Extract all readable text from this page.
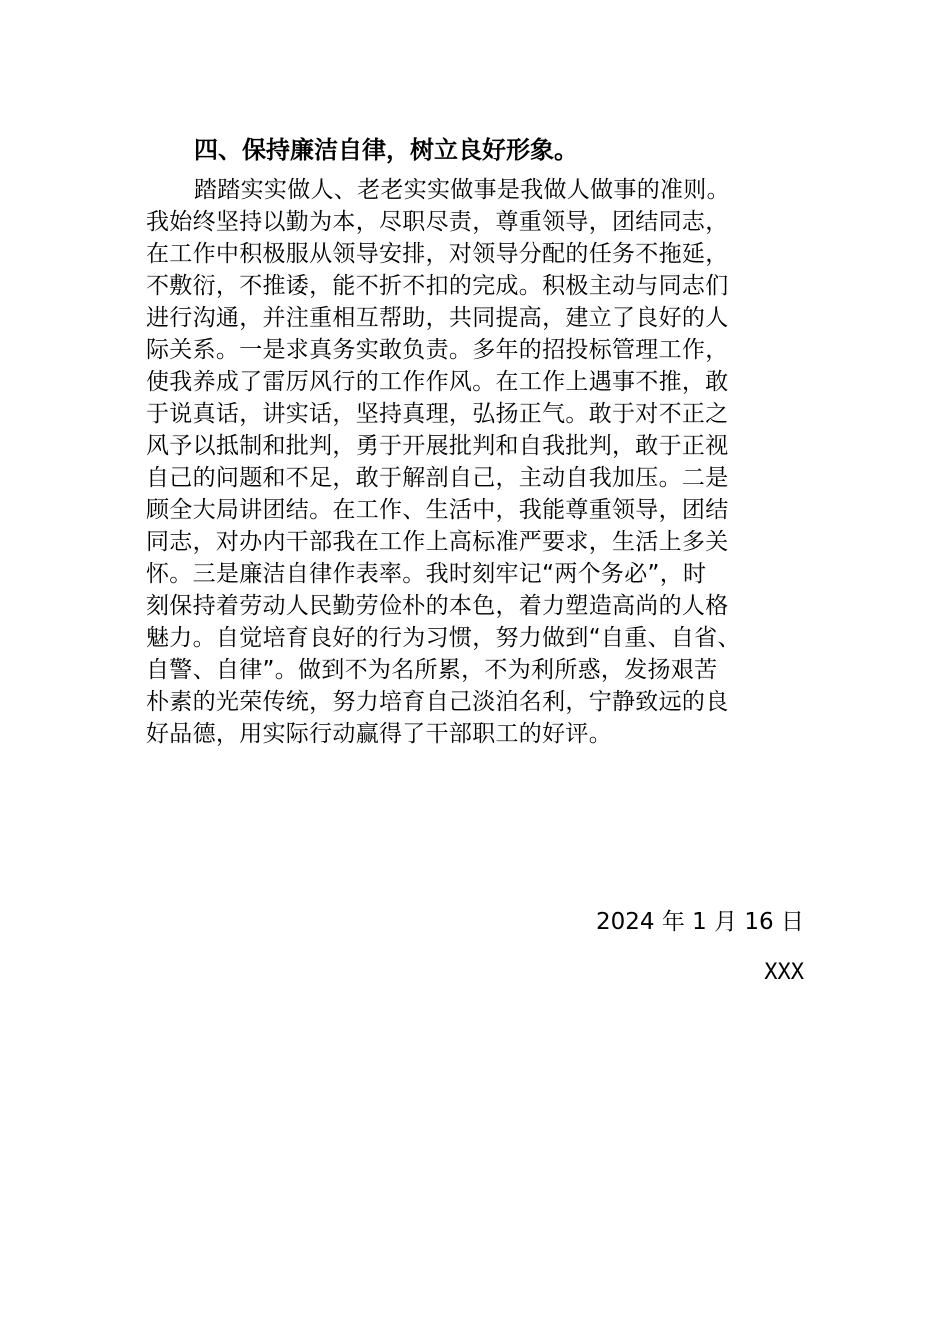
四、保持廉洁自律，树立良好形象。
踏踏实实做人、老老实实做事是我做人做事的准则。
我始终坚持以勤为本，尽职尽责，尊重领导，团结同志，
在工作中积极服从领导安排，对领导分配的任务不拖延，
不敷衍，不推诿，能不折不扣的完成。积极主动与同志们
进行沟通，并注重相互帮助，共同提高，建立了良好的人
际关系。一是求真务实敢负责。多年的招投标管理工作，
使我养成了雷厉风行的工作作风。在工作上遇事不推，敢
于说真话，讲实话，坚持真理，弘扬正气。敢于对不正之
风予以抵制和批判，勇于开展批判和自我批判，敢于正视
自己的问题和不足，敢于解剖自己，主动自我加压。二是
顾全大局讲团结。在工作、生活中，我能尊重领导，团结
同志，对办内干部我在工作上高标准严要求，生活上多关
怀。三是廉洁自律作表率。我时刻牢记“两个务必”，时
刻保持着劳动人民勤劳俭朴的本色，着力塑造高尚的人格
魅力。自觉培育良好的行为习惯，努力做到“自重、自省、
自警、自律”。做到不为名所累，不为利所惑，发扬艰苦
朴素的光荣传统，努力培育自己淡泊名利，宁静致远的良
好品德，用实际行动赢得了干部职工的好评。
2024 年 1 月 16 日
XXX
